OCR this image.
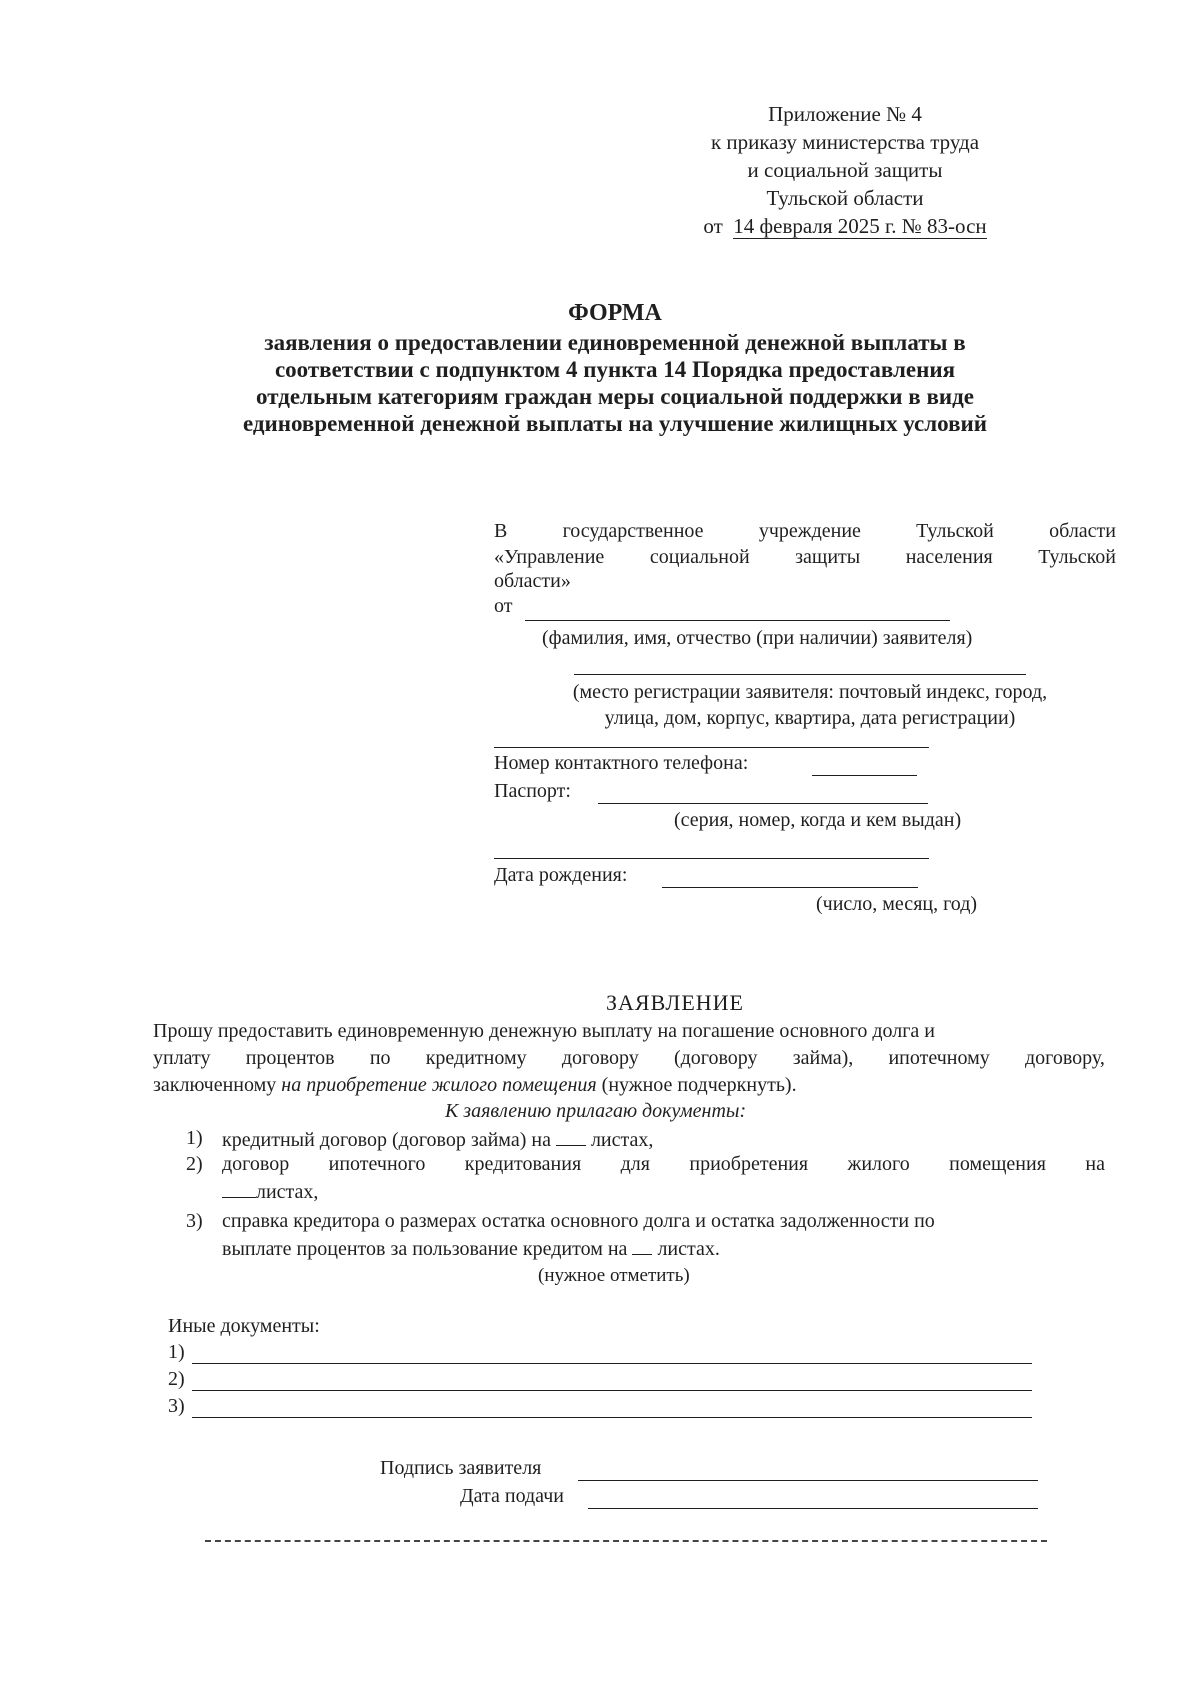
Приложение № 4
к приказу министерства труда
и социальной защиты
Тульской области
от 14 февраля 2025 г. № 83-осн
ФОРМА
заявления о предоставлении единовременной денежной выплаты в
соответствии с подпунктом 4 пункта 14 Порядка предоставления
отдельным категориям граждан меры социальной поддержки в виде
единовременной денежной выплаты на улучшение жилищных условий
В	государственное	учреждение	Тульской	области
«Управление социальной защиты населения Тульской
области»
от
(фамилия, имя, отчество (при наличии) заявителя)
(место регистрации заявителя: почтовый индекс, город,
улица, дом, корпус, квартира, дата регистрации)
Номер контактного телефона:
Паспорт:
(серия, номер, когда и кем выдан)
Дата рождения:
(число, месяц, год)
ЗАЯВЛЕНИЕ
Прошу предоставить единовременную денежную выплату на погашение основного долга и
уплату процентов по кредитному договору (договору займа), ипотечному договору,
заключенному на приобретение жилого помещения (нужное подчеркнуть).
К заявлению прилагаю документы:
1) кредитный договор (договор займа) на листах,
2) договор ипотечного кредитования для приобретения жилого помещения на
листах,
3) справка кредитора о размерах остатка основного долга и остатка задолженности по
выплате процентов за пользование кредитом на листах.
(нужное отметить)
Иные документы:
1)
2)
3)
Подпись заявителя
Дата подачи
